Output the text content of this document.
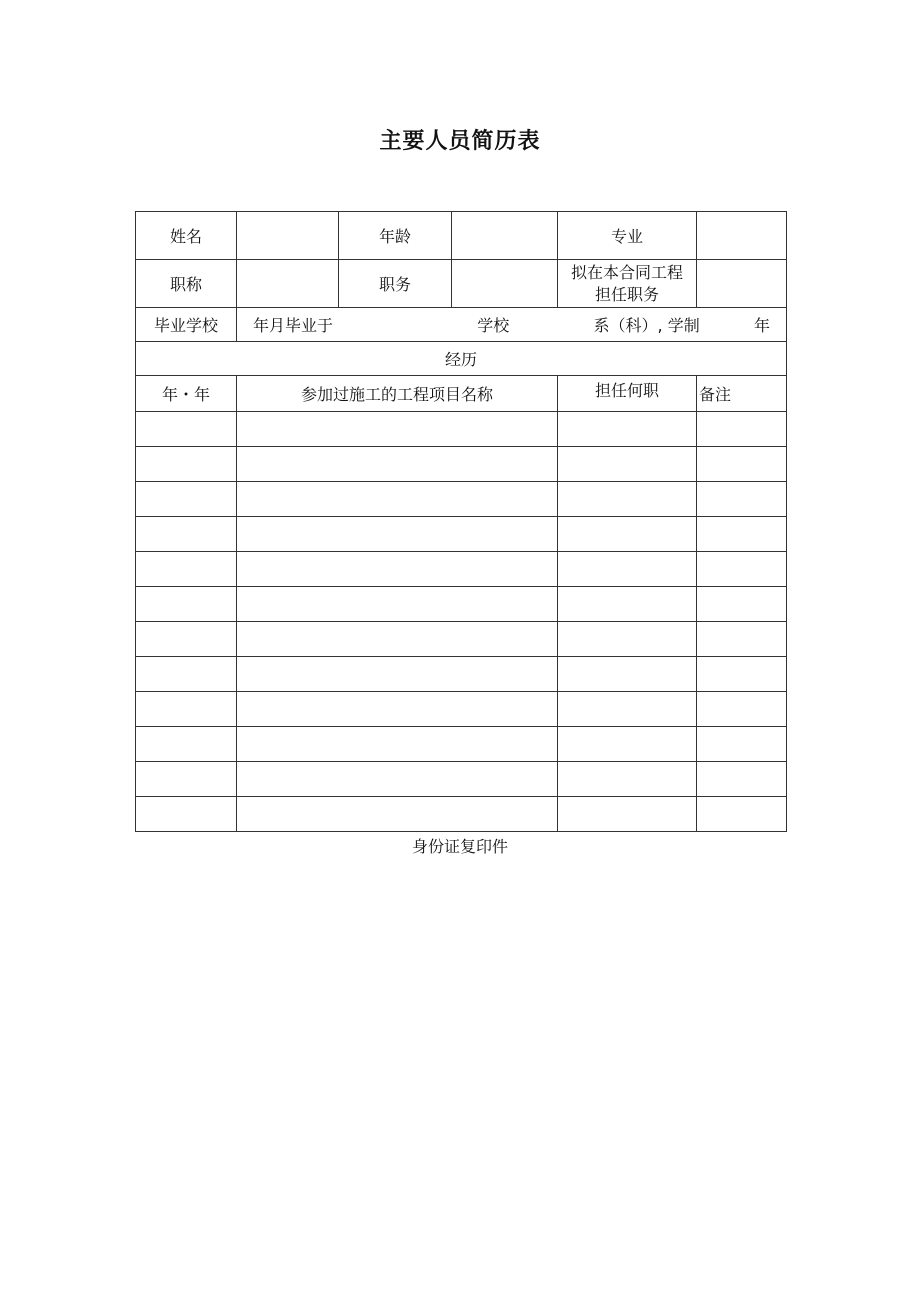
主要人员简历表
姓名		年龄		专业	
职称		职务		拟在本合同工程
担任职务	

毕业学校	年月毕业于 学校 系（科）, 学制 年				

经历					
年・年	参加过施工的工程项目名称			担任何职	备注

身份证复印件
